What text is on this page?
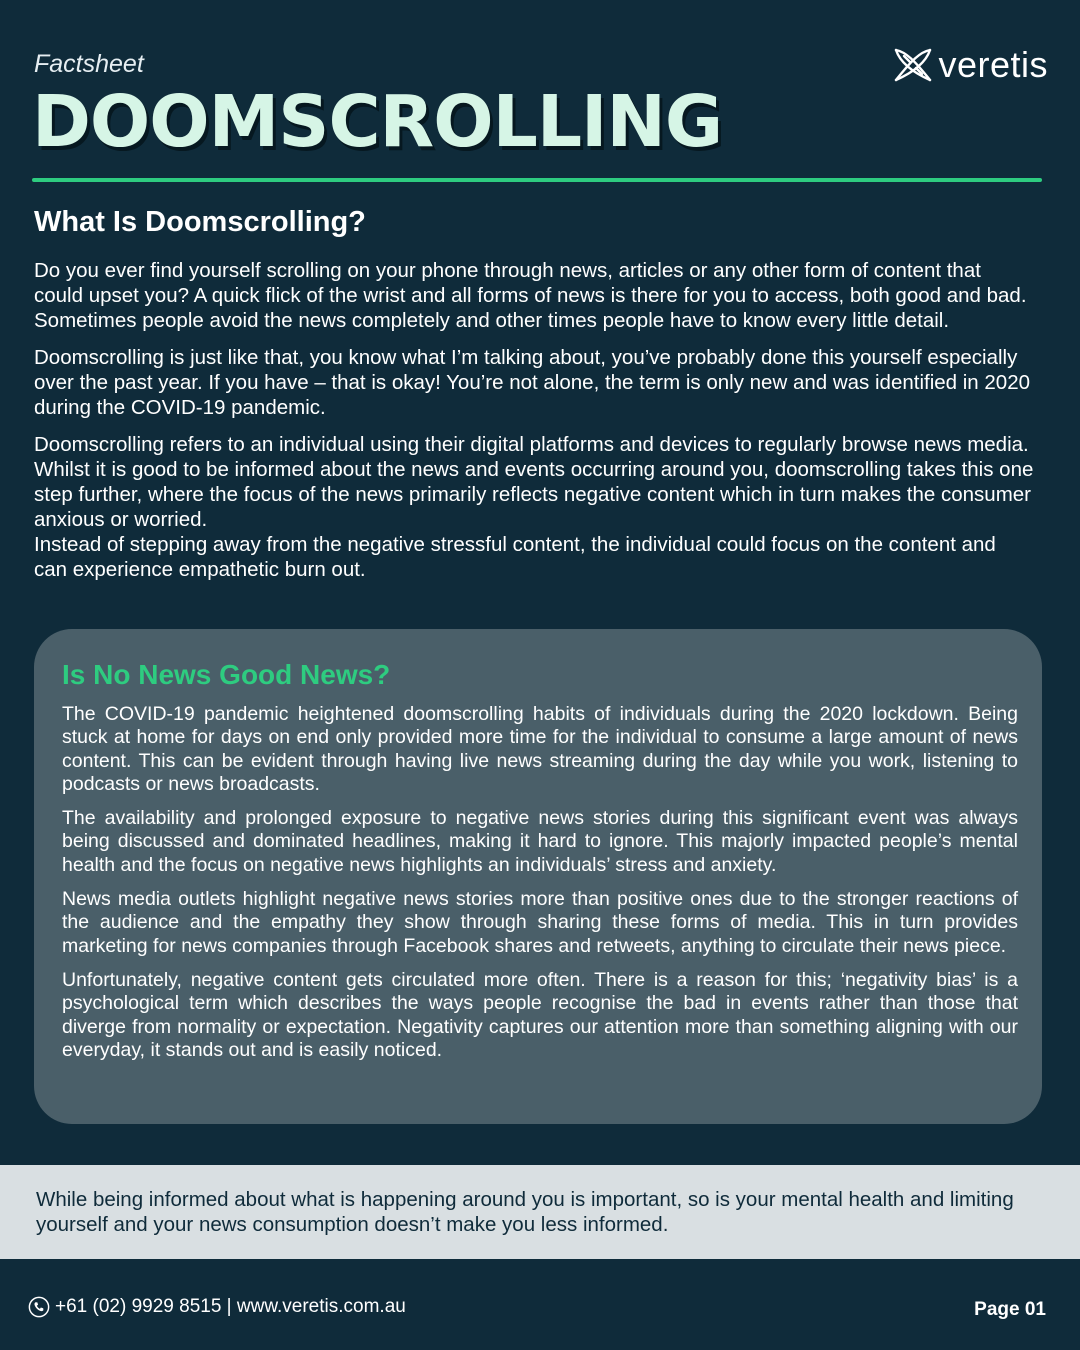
Factsheet
DOOMSCROLLING
veretis
What Is Doomscrolling?

Do you ever find yourself scrolling on your phone through news, articles or any other form of content that could upset you? A quick flick of the wrist and all forms of news is there for you to access, both good and bad. Sometimes people avoid the news completely and other times people have to know every little detail.

Doomscrolling is just like that, you know what I’m talking about, you’ve probably done this yourself especially over the past year. If you have – that is okay! You’re not alone, the term is only new and was identified in 2020 during the COVID-19 pandemic.

Doomscrolling refers to an individual using their digital platforms and devices to regularly browse news media. Whilst it is good to be informed about the news and events occurring around you, doomscrolling takes this one step further, where the focus of the news primarily reflects negative content which in turn makes the consumer anxious or worried.

Instead of stepping away from the negative stressful content, the individual could focus on the content and can experience empathetic burn out.

Is No News Good News?

The COVID-19 pandemic heightened doomscrolling habits of individuals during the 2020 lockdown. Being stuck at home for days on end only provided more time for the individual to consume a large amount of news content. This can be evident through having live news streaming during the day while you work, listening to podcasts or news broadcasts.

The availability and prolonged exposure to negative news stories during this significant event was always being discussed and dominated headlines, making it hard to ignore. This majorly impacted people’s mental health and the focus on negative news highlights an individuals’ stress and anxiety.

News media outlets highlight negative news stories more than positive ones due to the stronger reactions of the audience and the empathy they show through sharing these forms of media. This in turn provides marketing for news companies through Facebook shares and retweets, anything to circulate their news piece.

Unfortunately, negative content gets circulated more often. There is a reason for this; ‘negativity bias’ is a psychological term which describes the ways people recognise the bad in events rather than those that diverge from normality or expectation. Negativity captures our attention more than something aligning with our everyday, it stands out and is easily noticed.

While being informed about what is happening around you is important, so is your mental health and limiting yourself and your news consumption doesn’t make you less informed.

+61 (02) 9929 8515 | www.veretis.com.au	Page 01
